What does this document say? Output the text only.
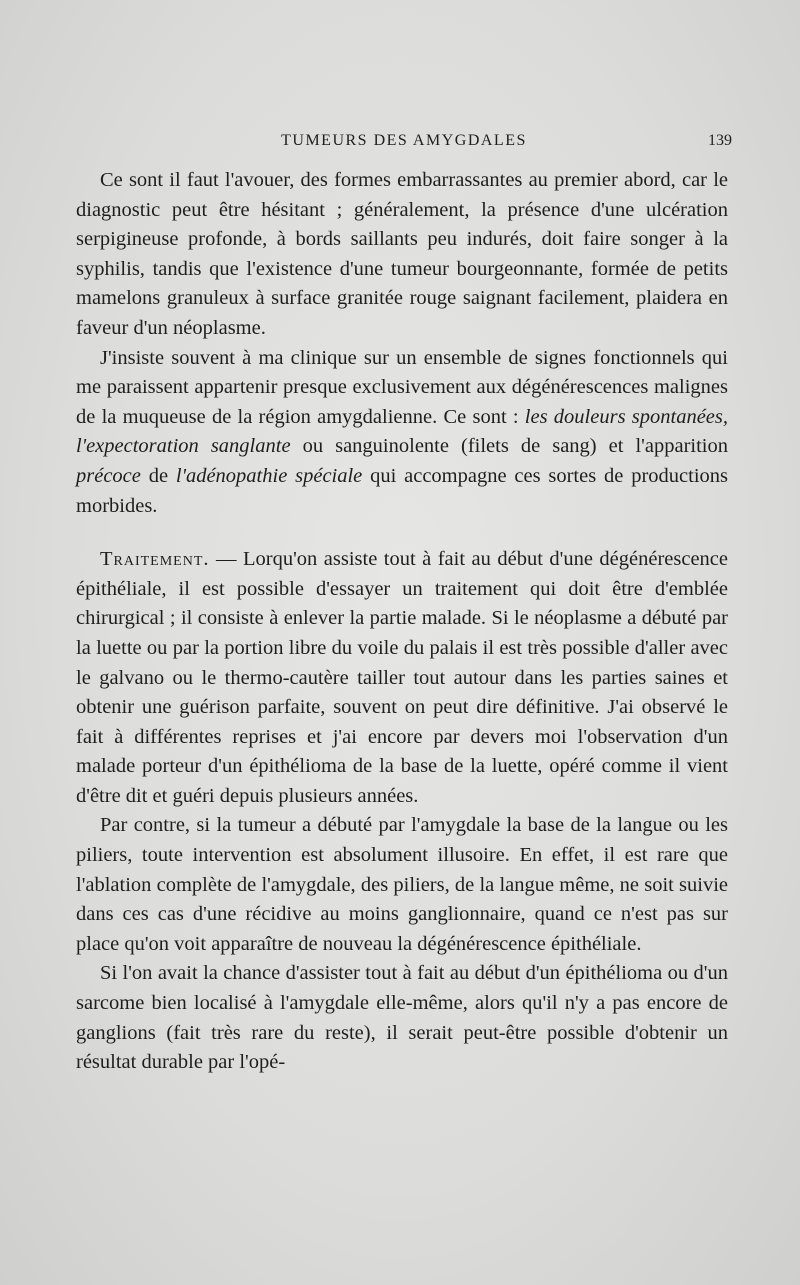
TUMEURS DES AMYGDALES	139

Ce sont il faut l'avouer, des formes embarrassantes au premier abord, car le diagnostic peut être hésitant ; généralement, la présence d'une ulcération serpigineuse profonde, à bords saillants peu indurés, doit faire songer à la syphilis, tandis que l'existence d'une tumeur bourgeonnante, formée de petits mamelons granuleux à surface granitée rouge saignant facilement, plaidera en faveur d'un néoplasme.

J'insiste souvent à ma clinique sur un ensemble de signes fonctionnels qui me paraissent appartenir presque exclusivement aux dégénérescences malignes de la muqueuse de la région amygdalienne. Ce sont : les douleurs spontanées, l'expectoration sanglante ou sanguinolente (filets de sang) et l'apparition précoce de l'adénopathie spéciale qui accompagne ces sortes de productions morbides.

Traitement. — Lorqu'on assiste tout à fait au début d'une dégénérescence épithéliale, il est possible d'essayer un traitement qui doit être d'emblée chirurgical ; il consiste à enlever la partie malade. Si le néoplasme a débuté par la luette ou par la portion libre du voile du palais il est très possible d'aller avec le galvano ou le thermo-cautère tailler tout autour dans les parties saines et obtenir une guérison parfaite, souvent on peut dire définitive. J'ai observé le fait à différentes reprises et j'ai encore par devers moi l'observation d'un malade porteur d'un épithélioma de la base de la luette, opéré comme il vient d'être dit et guéri depuis plusieurs années.

Par contre, si la tumeur a débuté par l'amygdale la base de la langue ou les piliers, toute intervention est absolument illusoire. En effet, il est rare que l'ablation complète de l'amygdale, des piliers, de la langue même, ne soit suivie dans ces cas d'une récidive au moins ganglionnaire, quand ce n'est pas sur place qu'on voit apparaître de nouveau la dégénérescence épithéliale.

Si l'on avait la chance d'assister tout à fait au début d'un épithélioma ou d'un sarcome bien localisé à l'amygdale elle-même, alors qu'il n'y a pas encore de ganglions (fait très rare du reste), il serait peut-être possible d'obtenir un résultat durable par l'opé-
